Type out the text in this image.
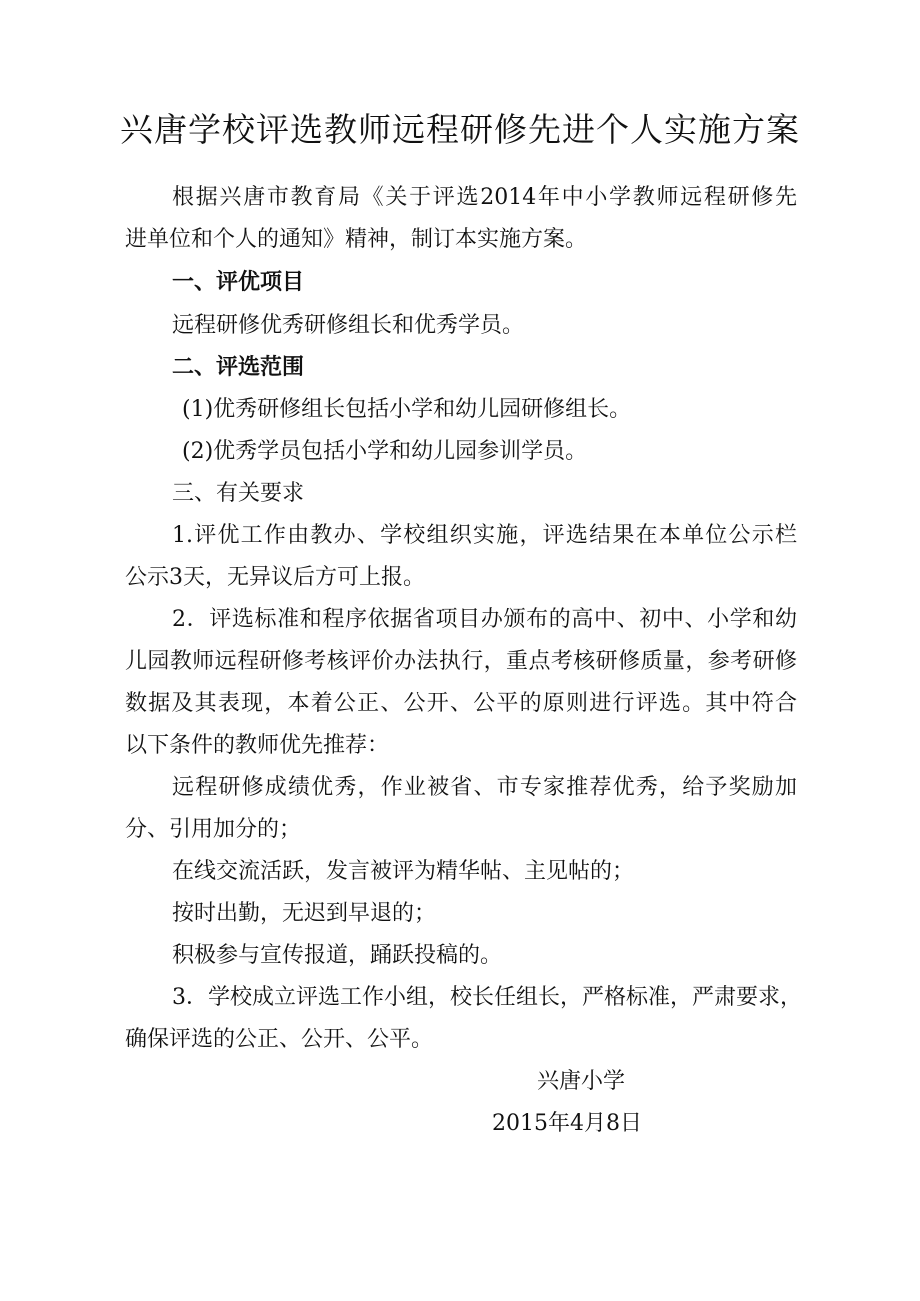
兴唐学校评选教师远程研修先进个人实施方案
根据兴唐市教育局《关于评选2014年中小学教师远程研修先
进单位和个人的通知》精神，制订本实施方案。
一、评优项目
远程研修优秀研修组长和优秀学员。
二、评选范围
(1)优秀研修组长包括小学和幼儿园研修组长。
(2)优秀学员包括小学和幼儿园参训学员。
三、有关要求
1.评优工作由教办、学校组织实施，评选结果在本单位公示栏
公示3天，无异议后方可上报。
2．评选标准和程序依据省项目办颁布的高中、初中、小学和幼
儿园教师远程研修考核评价办法执行，重点考核研修质量，参考研修
数据及其表现，本着公正、公开、公平的原则进行评选。其中符合
以下条件的教师优先推荐：
远程研修成绩优秀，作业被省、市专家推荐优秀，给予奖励加
分、引用加分的；
在线交流活跃，发言被评为精华帖、主见帖的；
按时出勤，无迟到早退的；
积极参与宣传报道，踊跃投稿的。
3．学校成立评选工作小组，校长任组长，严格标准，严肃要求，
确保评选的公正、公开、公平。
兴唐小学
2015年4月8日
